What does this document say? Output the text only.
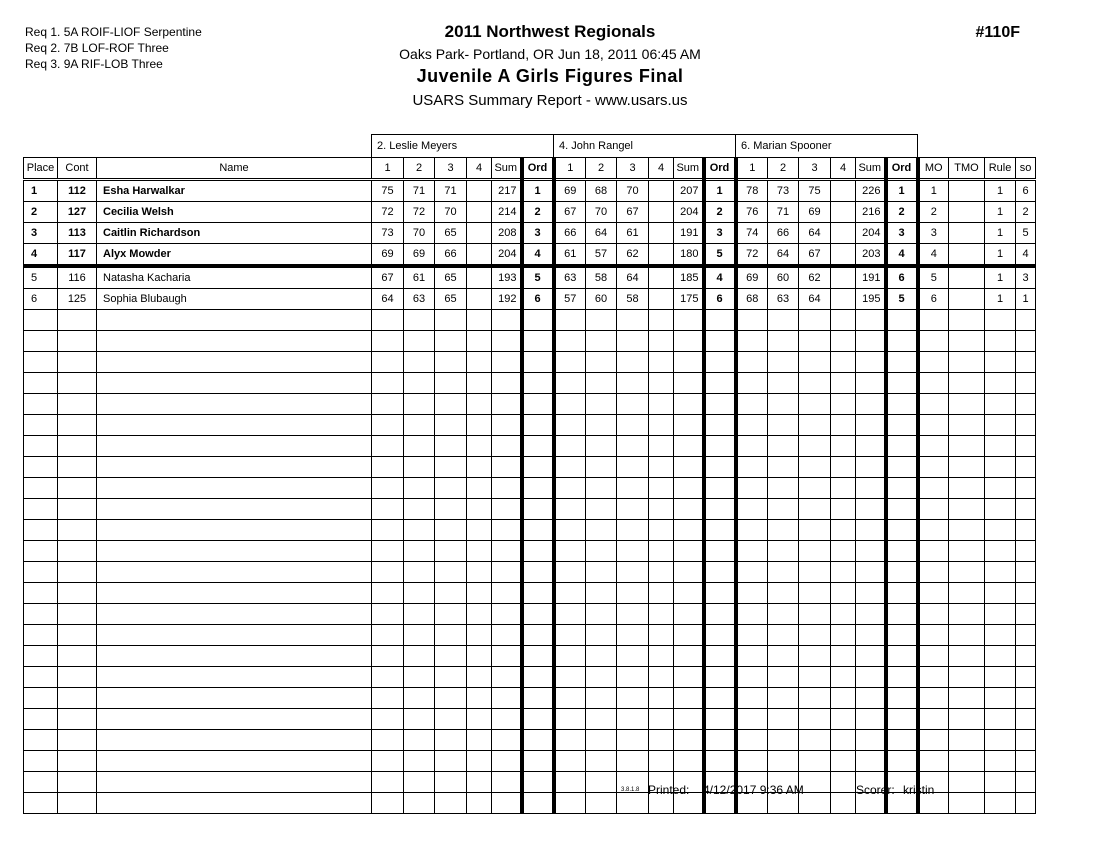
Req 1. 5A ROIF-LIOF Serpentine
Req 2. 7B LOF-ROF Three
Req 3. 9A RIF-LOB Three
2011 Northwest Regionals
Oaks Park- Portland, OR Jun 18, 2011 06:45 AM
Juvenile A Girls Figures Final
USARS Summary Report - www.usars.us
#110F
			2. Leslie Meyers						4. John Rangel						6. Marian Spooner									
Place	Cont	Name	1	2	3	4	Sum	Ord	1	2	3	4	Sum	Ord	1	2	3	4	Sum	Ord	MO	TMO	Rule	so
1	112	Esha Harwalkar	75	71	71		217	1	69	68	70		207	1	78	73	75		226	1	1		1	6
2	127	Cecilia Welsh	72	72	70		214	2	67	70	67		204	2	76	71	69		216	2	2		1	2
3	113	Caitlin Richardson	73	70	65		208	3	66	64	61		191	3	74	66	64		204	3	3		1	5
4	117	Alyx Mowder	69	69	66		204	4	61	57	62		180	5	72	64	67		203	4	4		1	4
5	116	Natasha Kacharia	67	61	65		193	5	63	58	64		185	4	69	60	62		191	6	5		1	3
6	125	Sophia Blubaugh	64	63	65		192	6	57	60	58		175	6	68	63	64		195	5	6		1	1

3.8.1.8 Printed: 4/12/2017 9:36 AM	Scorer: kristin
